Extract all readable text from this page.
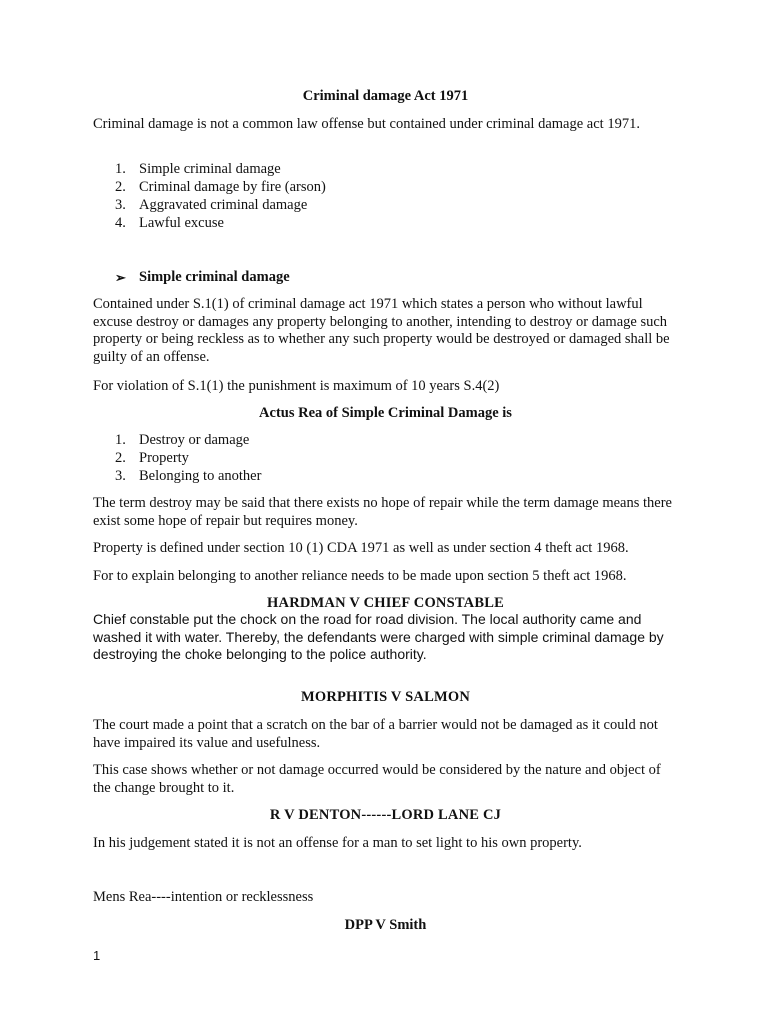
Criminal damage Act 1971
Criminal damage is not a common law offense but contained under criminal damage act 1971.
1. Simple criminal damage
2. Criminal damage by fire (arson)
3. Aggravated criminal damage
4. Lawful excuse
➢ Simple criminal damage
Contained under S.1(1) of criminal damage act 1971 which states a person who without lawful excuse destroy or damages any property belonging to another, intending to destroy or damage such property or being reckless as to whether any such property would be destroyed or damaged shall be guilty of an offense.
For violation of S.1(1) the punishment is maximum of 10 years S.4(2)
Actus Rea of Simple Criminal Damage is
1. Destroy or damage
2. Property
3. Belonging to another
The term destroy may be said that there exists no hope of repair while the term damage means there exist some hope of repair but requires money.
Property is defined under section 10 (1) CDA 1971 as well as under section 4 theft act 1968.
For to explain belonging to another reliance needs to be made upon section 5 theft act 1968.
HARDMAN V CHIEF CONSTABLE
Chief constable put the chock on the road for road division. The local authority came and washed it with water. Thereby, the defendants were charged with simple criminal damage by destroying the choke belonging to the police authority.
MORPHITIS V SALMON
The court made a point that a scratch on the bar of a barrier would not be damaged as it could not have impaired its value and usefulness.
This case shows whether or not damage occurred would be considered by the nature and object of the change brought to it.
R V DENTON------LORD LANE CJ
In his judgement stated it is not an offense for a man to set light to his own property.
Mens Rea----intention or recklessness
DPP V Smith
1
